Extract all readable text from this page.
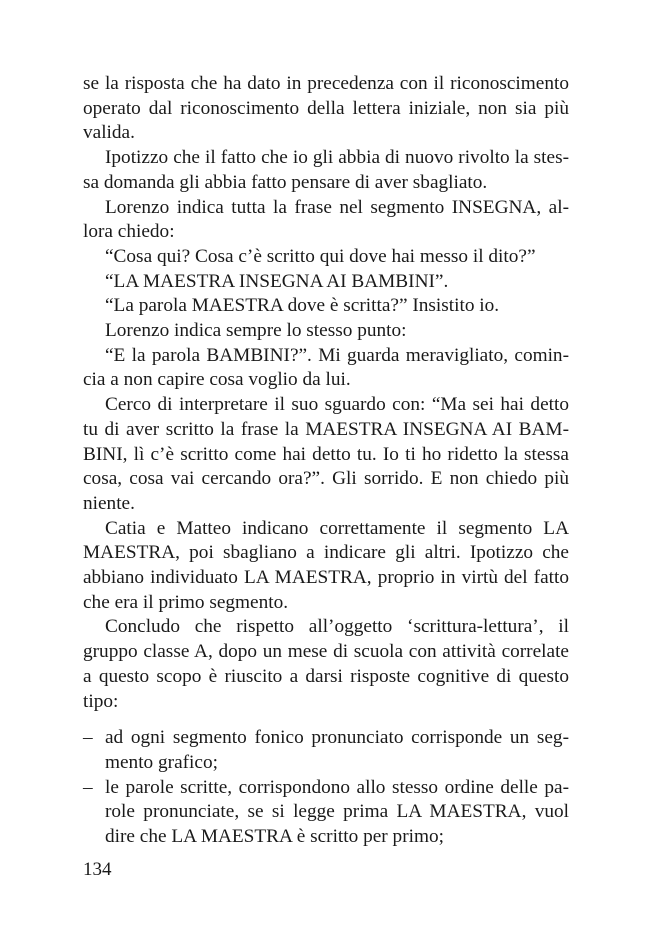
se la risposta che ha dato in precedenza con il riconoscimento operato dal riconoscimento della lettera iniziale, non sia più valida.

Ipotizzo che il fatto che io gli abbia di nuovo rivolto la stessa domanda gli abbia fatto pensare di aver sbagliato.

Lorenzo indica tutta la frase nel segmento INSEGNA, allora chiedo:

“Cosa qui? Cosa c’è scritto qui dove hai messo il dito?”

“LA MAESTRA INSEGNA AI BAMBINI”.

“La parola MAESTRA dove è scritta?” Insistito io.

Lorenzo indica sempre lo stesso punto:

“E la parola BAMBINI?”. Mi guarda meravigliato, comincia a non capire cosa voglio da lui.

Cerco di interpretare il suo sguardo con: “Ma sei hai detto tu di aver scritto la frase la MAESTRA INSEGNA AI BAMBINI, lì c’è scritto come hai detto tu. Io ti ho ridetto la stessa cosa, cosa vai cercando ora?”. Gli sorrido. E non chiedo più niente.

Catia e Matteo indicano correttamente il segmento LA MAESTRA, poi sbagliano a indicare gli altri. Ipotizzo che abbiano individuato LA MAESTRA, proprio in virtù del fatto che era il primo segmento.

Concludo che rispetto all’oggetto ‘scrittura-lettura’, il gruppo classe A, dopo un mese di scuola con attività correlate a questo scopo è riuscito a darsi risposte cognitive di questo tipo:

– ad ogni segmento fonico pronunciato corrisponde un segmento grafico;
– le parole scritte, corrispondono allo stesso ordine delle parole pronunciate, se si legge prima LA MAESTRA, vuol dire che LA MAESTRA è scritto per primo;
134
